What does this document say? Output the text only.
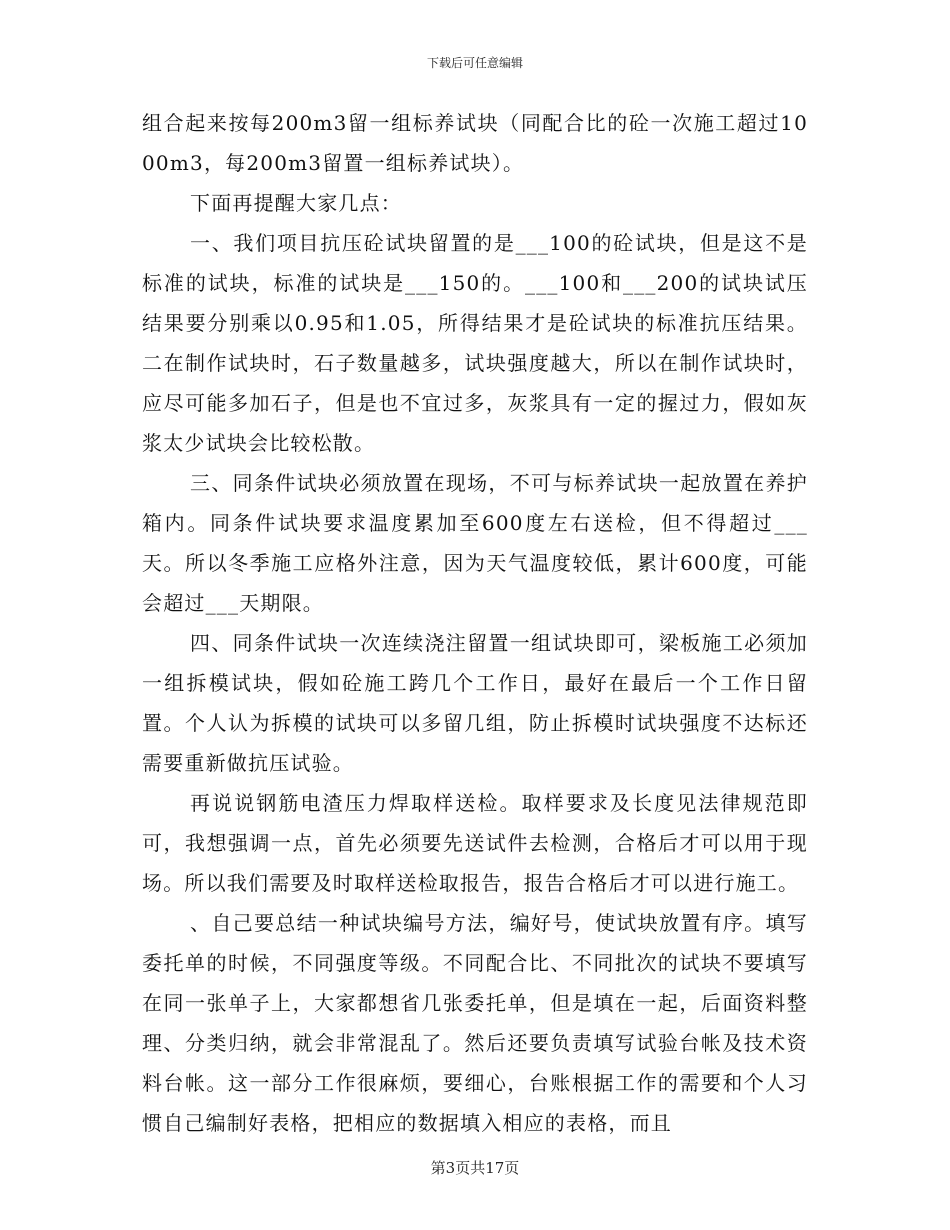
下载后可任意编辑

组合起来按每200m3留一组标养试块（同配合比的砼一次施工超过1000m3，每200m3留置一组标养试块）。

下面再提醒大家几点：

一、我们项目抗压砼试块留置的是___100的砼试块，但是这不是标准的试块，标准的试块是___150的。___100和___200的试块试压结果要分别乘以0.95和1.05，所得结果才是砼试块的标准抗压结果。二在制作试块时，石子数量越多，试块强度越大，所以在制作试块时，应尽可能多加石子，但是也不宜过多，灰浆具有一定的握过力，假如灰浆太少试块会比较松散。

三、同条件试块必须放置在现场，不可与标养试块一起放置在养护箱内。同条件试块要求温度累加至600度左右送检，但不得超过___天。所以冬季施工应格外注意，因为天气温度较低，累计600度，可能会超过___天期限。

四、同条件试块一次连续浇注留置一组试块即可，梁板施工必须加一组拆模试块，假如砼施工跨几个工作日，最好在最后一个工作日留置。个人认为拆模的试块可以多留几组，防止拆模时试块强度不达标还需要重新做抗压试验。

再说说钢筋电渣压力焊取样送检。取样要求及长度见法律规范即可，我想强调一点，首先必须要先送试件去检测，合格后才可以用于现场。所以我们需要及时取样送检取报告，报告合格后才可以进行施工。

、自己要总结一种试块编号方法，编好号，使试块放置有序。填写委托单的时候，不同强度等级。不同配合比、不同批次的试块不要填写在同一张单子上，大家都想省几张委托单，但是填在一起，后面资料整理、分类归纳，就会非常混乱了。然后还要负责填写试验台帐及技术资料台帐。这一部分工作很麻烦，要细心，台账根据工作的需要和个人习惯自己编制好表格，把相应的数据填入相应的表格，而且

第3页共17页
